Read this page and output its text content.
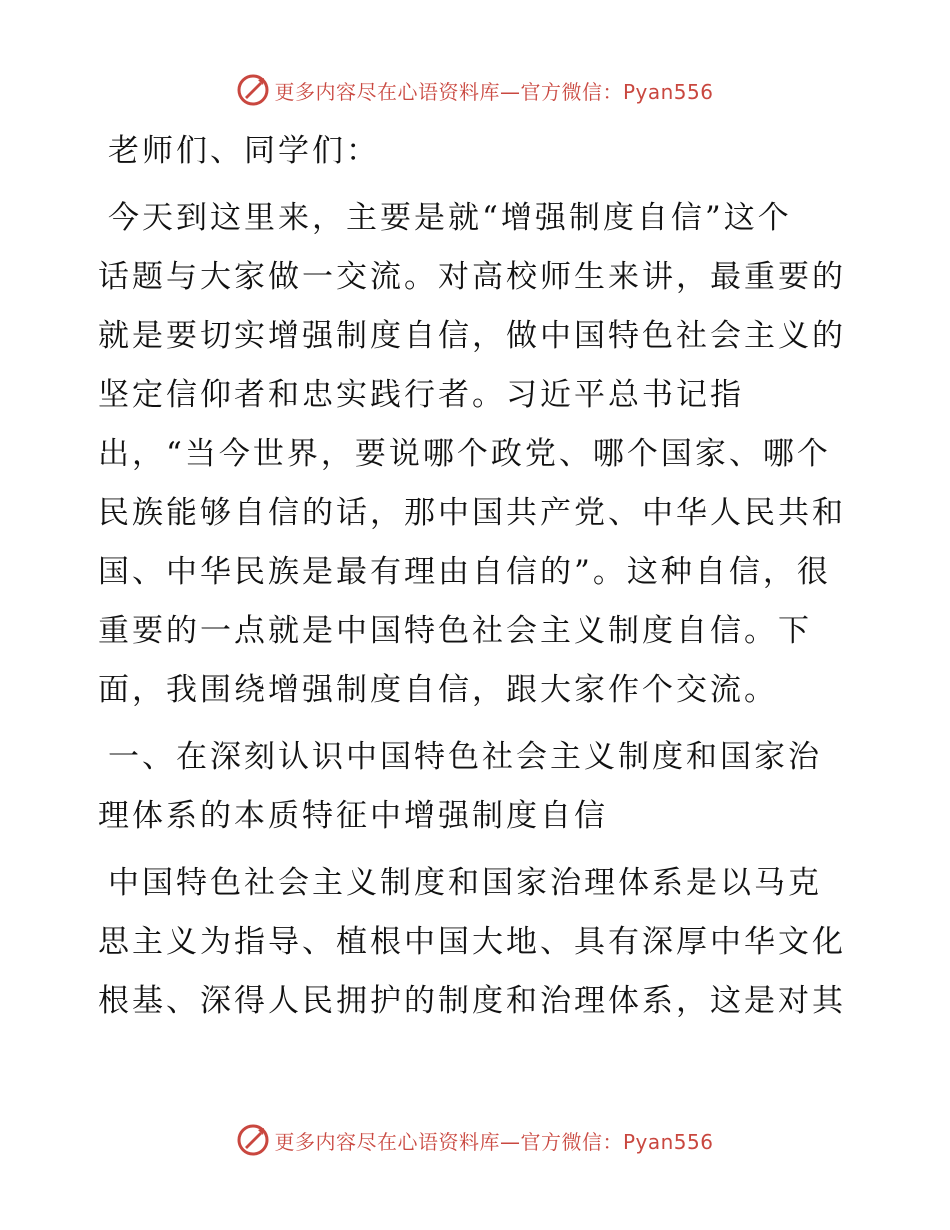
更多内容尽在心语资料库—官方微信：Pyan556

老师们、同学们：

今天到这里来，主要是就“增强制度自信”这个
话题与大家做一交流。对高校师生来讲，最重要的
就是要切实增强制度自信，做中国特色社会主义的
坚定信仰者和忠实践行者。习近平总书记指
出，“当今世界，要说哪个政党、哪个国家、哪个
民族能够自信的话，那中国共产党、中华人民共和
国、中华民族是最有理由自信的”。这种自信，很
重要的一点就是中国特色社会主义制度自信。下
面，我围绕增强制度自信，跟大家作个交流。

一、在深刻认识中国特色社会主义制度和国家治
理体系的本质特征中增强制度自信

中国特色社会主义制度和国家治理体系是以马克
思主义为指导、植根中国大地、具有深厚中华文化
根基、深得人民拥护的制度和治理体系，这是对其

更多内容尽在心语资料库—官方微信：Pyan556
